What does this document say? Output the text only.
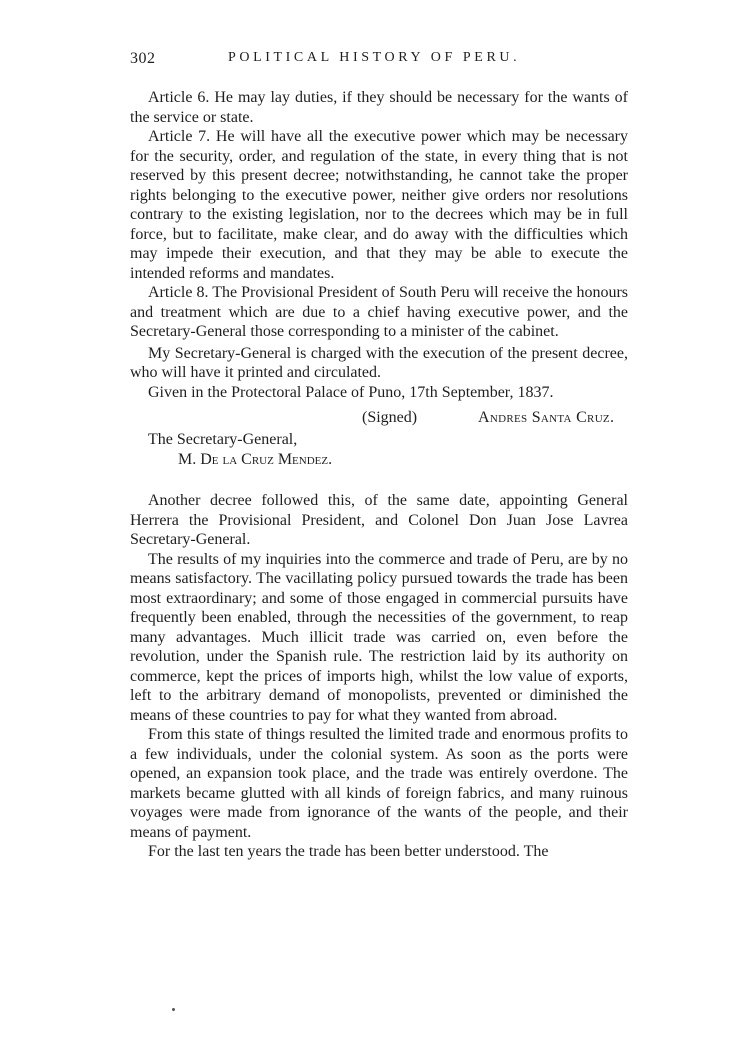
302	POLITICAL HISTORY OF PERU.

Article 6. He may lay duties, if they should be necessary for the wants of the service or state.

Article 7. He will have all the executive power which may be necessary for the security, order, and regulation of the state, in every thing that is not reserved by this present decree; notwithstanding, he cannot take the proper rights belonging to the executive power, neither give orders nor resolutions contrary to the existing legislation, nor to the decrees which may be in full force, but to facilitate, make clear, and do away with the difficulties which may impede their execution, and that they may be able to execute the intended reforms and mandates.

Article 8. The Provisional President of South Peru will receive the honours and treatment which are due to a chief having executive power, and the Secretary-General those corresponding to a minister of the cabinet.

My Secretary-General is charged with the execution of the present decree, who will have it printed and circulated.

Given in the Protectoral Palace of Puno, 17th September, 1837.

(Signed)	Andres Santa Cruz.

The Secretary-General,

M. De la Cruz Mendez.

Another decree followed this, of the same date, appointing General Herrera the Provisional President, and Colonel Don Juan Jose Lavrea Secretary-General.

The results of my inquiries into the commerce and trade of Peru, are by no means satisfactory. The vacillating policy pursued towards the trade has been most extraordinary; and some of those engaged in commercial pursuits have frequently been enabled, through the necessities of the government, to reap many advantages. Much illicit trade was carried on, even before the revolution, under the Spanish rule. The restriction laid by its authority on commerce, kept the prices of imports high, whilst the low value of exports, left to the arbitrary demand of monopolists, prevented or diminished the means of these countries to pay for what they wanted from abroad.

From this state of things resulted the limited trade and enormous profits to a few individuals, under the colonial system. As soon as the ports were opened, an expansion took place, and the trade was entirely overdone. The markets became glutted with all kinds of foreign fabrics, and many ruinous voyages were made from ignorance of the wants of the people, and their means of payment.

For the last ten years the trade has been better understood. The
